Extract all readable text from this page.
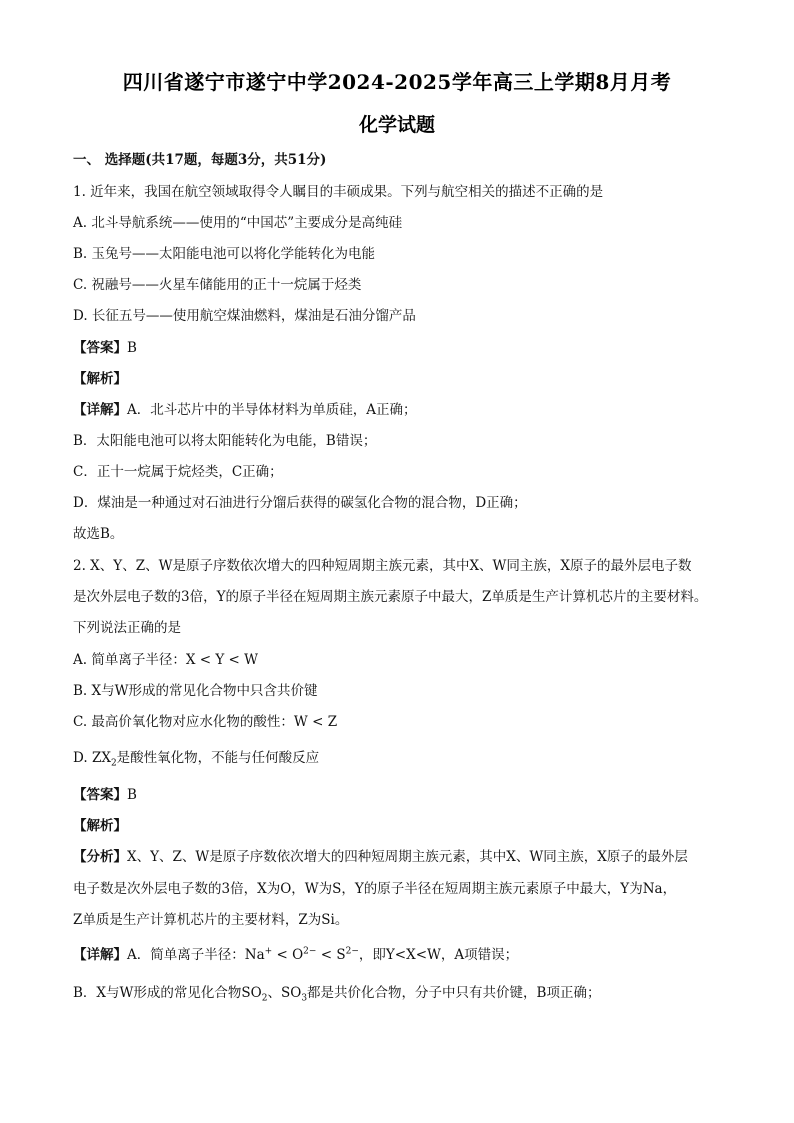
四川省遂宁市遂宁中学2024-2025学年高三上学期8月月考
化学试题
一、 选择题(共17题，每题3分，共51分)
1. 近年来，我国在航空领域取得令人瞩目的丰硕成果。下列与航空相关的描述不正确的是
A. 北斗导航系统——使用的“中国芯”主要成分是高纯硅
B. 玉兔号——太阳能电池可以将化学能转化为电能
C. 祝融号——火星车储能用的正十一烷属于烃类
D. 长征五号——使用航空煤油燃料，煤油是石油分馏产品
【答案】B
【解析】
【详解】A．北斗芯片中的半导体材料为单质硅，A正确；
B．太阳能电池可以将太阳能转化为电能，B错误；
C．正十一烷属于烷烃类，C正确；
D．煤油是一种通过对石油进行分馏后获得的碳氢化合物的混合物，D正确；
故选B。
2. X、Y、Z、W是原子序数依次增大的四种短周期主族元素，其中X、W同主族，X原子的最外层电子数
是次外层电子数的3倍，Y的原子半径在短周期主族元素原子中最大，Z单质是生产计算机芯片的主要材料。
下列说法正确的是
A. 简单离子半径：X < Y < W
B. X与W形成的常见化合物中只含共价键
C. 最高价氧化物对应水化物的酸性：W < Z
D. $ZX_2$是酸性氧化物，不能与任何酸反应
【答案】B
【解析】
【分析】X、Y、Z、W是原子序数依次增大的四种短周期主族元素，其中X、W同主族，X原子的最外层
电子数是次外层电子数的3倍，X为O，W为S，Y的原子半径在短周期主族元素原子中最大，Y为Na，
Z单质是生产计算机芯片的主要材料，Z为Si。
【详解】A．简单离子半径：$Na^+ < O^{2-} < S^{2-}$，即Y<X<W，A项错误；
B．X与W形成的常见化合物$SO_2$、$SO_3$都是共价化合物，分子中只有共价键，B项正确；
